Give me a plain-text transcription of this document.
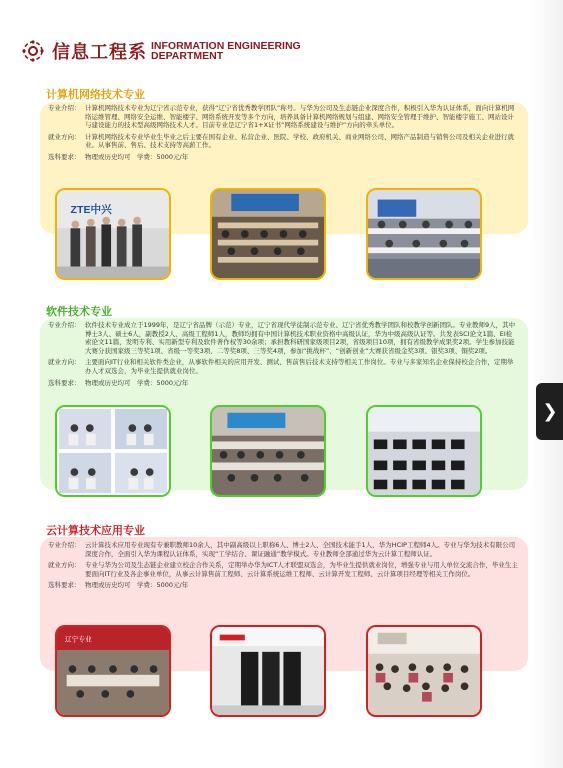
信息工程系 INFORMATION ENGINEERING
DEPARTMENT
计算机网络技术专业
专业介绍： 计算机网络技术专业为辽宁省示范专业，获得“辽宁省优秀教学团队”称号。与华为公司及生态链企业深度合作，积极引入华为认证体系，面向计算机网络运维管理、网络安全运维、智能楼宇、网络系统开发等多个方向，培养具备计算机网络规划与组建、网络安全管理于维护、智能楼宇施工、网站设计与建设能力的技术型高级网络技术人才。目前专业是辽宁省1+X证书“网络系统建设与维护”方向的牵头单位。
就业方向： 计算机网络技术专业毕业生毕业之后主要在国有企业、私营企业、医院、学校、政府机关、商业网络公司、网络产品制造与销售公司及相关企业进行就业。从事售前、售后、技术支持等高薪工作。
选科要求： 物理或历史均可　学费：5000元/年
ZTE中兴
软件技术专业
专业介绍： 软件技术专业成立于1999年，是辽宁省品牌（示范）专业，辽宁省现代学徒制示范专业、辽宁省优秀教学团队和校教学创新团队。专业教师9人，其中博士3人、硕士6人，副教授2人、高级工程师1人，教师均拥有中国计算机技术职业资格中高级认证，华为中级高级认证等。共发表SCI论文1篇、EI检索论文11篇，发明专利、实用新型专利及软件著作权等30余项；承担教科研国家级项目2项，省级项目10项，拥有省级教学成果奖2项。学生参加技能大赛分获国家级三等奖1项、省级一等奖3项、二等奖8项、三等奖4项，参加“挑战杯”、“创新创业”大赛获省级金奖3项、银奖3项、铜奖2项。
就业方向： 主要面向IT行业和相关软件类企业，从事软件相关的应用开发、测试、售前售后技术支持等相关工作岗位。专业与多家知名企业保持校企合作，定期举办人才双选会，为毕业生提供就业岗位。
选科要求： 物理或历史均可　学费：5000元/年
云计算技术应用专业
专业介绍： 云计算技术应用专业现有专兼职教师10余人，其中副高级以上职称6人、博士2人、全国技术能手1人、华为HCIP工程师4人。专业与华为技术有限公司深度合作，全面引入华为课程认证体系，实现“工学结合、课证融通”教学模式。专业教师全部通过华为云计算工程师认证。
就业方向： 专业与华为公司及生态链企业建立校企合作关系，定期举办华为ICT人才联盟双选会，为毕业生提供就业岗位，增强专业与用人单位交流合作，毕业生主要面向IT行业及各企事业单位，从事云计算售前工程师、云计算系统运维工程师、云计算开发工程师、云计算项目经理等相关工作岗位。
选科要求： 物理或历史均可　学费：5000元/年
辽宁专业
❯
